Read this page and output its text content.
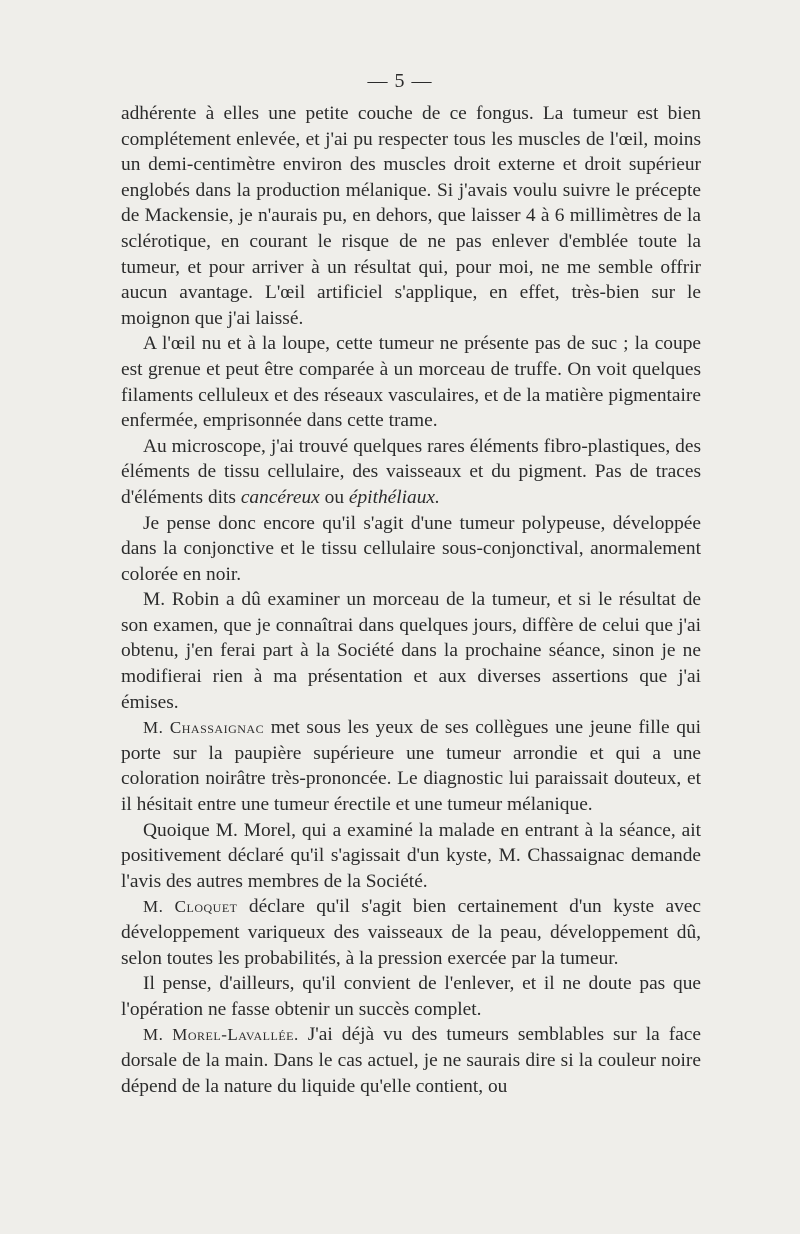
— 5 —

adhérente à elles une petite couche de ce fongus. La tumeur est bien complétement enlevée, et j'ai pu respecter tous les muscles de l'œil, moins un demi-centimètre environ des muscles droit externe et droit supérieur englobés dans la production mélanique. Si j'avais voulu suivre le précepte de Mackensie, je n'aurais pu, en dehors, que laisser 4 à 6 millimètres de la sclérotique, en courant le risque de ne pas enlever d'emblée toute la tumeur, et pour arriver à un résultat qui, pour moi, ne me semble offrir aucun avantage. L'œil artificiel s'applique, en effet, très-bien sur le moignon que j'ai laissé.

A l'œil nu et à la loupe, cette tumeur ne présente pas de suc ; la coupe est grenue et peut être comparée à un morceau de truffe. On voit quelques filaments celluleux et des réseaux vasculaires, et de la matière pigmentaire enfermée, emprisonnée dans cette trame.

Au microscope, j'ai trouvé quelques rares éléments fibro-plastiques, des éléments de tissu cellulaire, des vaisseaux et du pigment. Pas de traces d'éléments dits cancéreux ou épithéliaux.

Je pense donc encore qu'il s'agit d'une tumeur polypeuse, développée dans la conjonctive et le tissu cellulaire sous-conjonctival, anormalement colorée en noir.

M. Robin a dû examiner un morceau de la tumeur, et si le résultat de son examen, que je connaîtrai dans quelques jours, diffère de celui que j'ai obtenu, j'en ferai part à la Société dans la prochaine séance, sinon je ne modifierai rien à ma présentation et aux diverses assertions que j'ai émises.

M. Chassaignac met sous les yeux de ses collègues une jeune fille qui porte sur la paupière supérieure une tumeur arrondie et qui a une coloration noirâtre très-prononcée. Le diagnostic lui paraissait douteux, et il hésitait entre une tumeur érectile et une tumeur mélanique.

Quoique M. Morel, qui a examiné la malade en entrant à la séance, ait positivement déclaré qu'il s'agissait d'un kyste, M. Chassaignac demande l'avis des autres membres de la Société.

M. Cloquet déclare qu'il s'agit bien certainement d'un kyste avec développement variqueux des vaisseaux de la peau, développement dû, selon toutes les probabilités, à la pression exercée par la tumeur.

Il pense, d'ailleurs, qu'il convient de l'enlever, et il ne doute pas que l'opération ne fasse obtenir un succès complet.

M. Morel-Lavallée. J'ai déjà vu des tumeurs semblables sur la face dorsale de la main. Dans le cas actuel, je ne saurais dire si la couleur noire dépend de la nature du liquide qu'elle contient, ou
